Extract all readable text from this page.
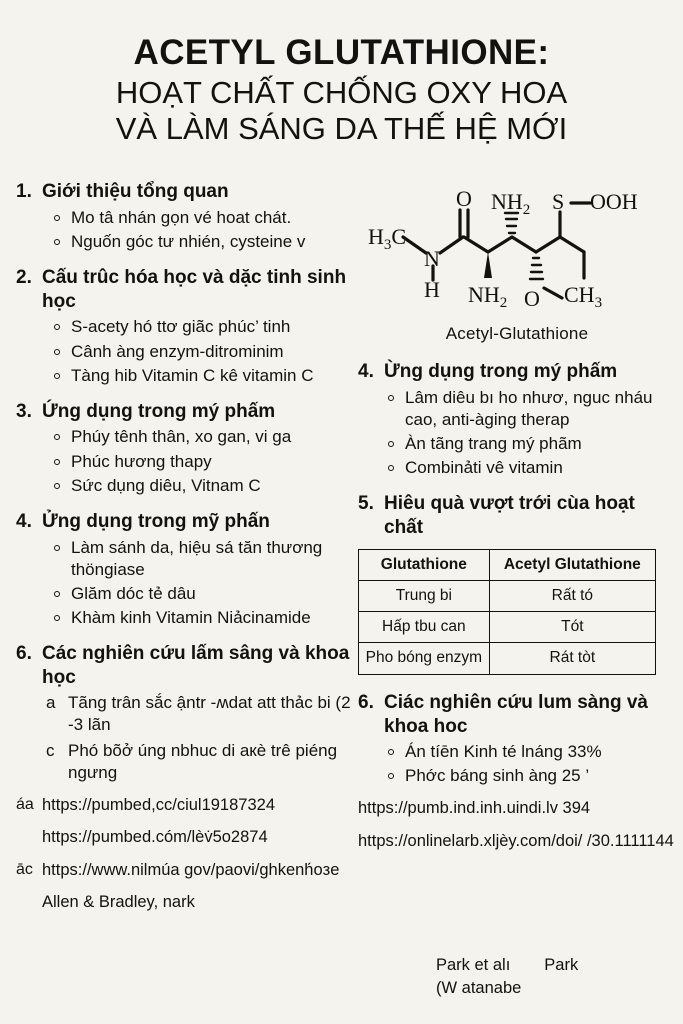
ACETYL GLUTATHIONE:
HOẠT CHẤT CHỐNG OXY HOA
VÀ LÀM SÁNG DA THẾ HỆ MỚI
1. Giới thiệu tổng quan
Mo tâ nhán gọn vé hoat chát.
Nguốn góc tư nhién, cysteine v
2. Cấu trûc hóa học và dặc tinh sinh học
S-acety hó ttơ giãc phúc’ tinh
Cânh àng enzym-ditrominim
Tàng hib Vitamin C kê vitamin C
3. Ứng dụng trong mý phấm
Phúy tênh thân, xo gan, vi ga
Phúc hương thapy
Sức dụng diêu, Vitnam C
4. Ửng dụng trong mỹ phấn
Làm sánh da, hiệu sá tăn thương thöngiase
Glăm dóc tẻ dâu
Khàm kinh Vitamin Niảcinamide
6. Các nghiên cứu lấm sâng và khoa học
a Tãng trân sắc ậntr -ʍdat att thảc bi (2 -3 lãn
c Phó bõở úng nbhuc di aкè trê piéng ngưng
áa https://pumbed,cc/ciul19187324
https://pumbed.cóm/lèv̇5o2874
āc https://www.nilmúa gov/paovi/ghkenh́oзe
Allen & Bradley, nark
$H_3C$
N
H
O $NH_2$
$NH_2$
S OOH
O $CH_3$
Acetyl-Glutathione
4. Ừng dụng trong mý phấm
Lâm diêu bı ho nhươ, nguc nháu cao, anti-àging therap
Àn tãng trang mý phãm
Combinảti vê vitamin
5. Hiêu quà vượt trới cùa hoạt chất
Glutathione	Acetyl Glutathione
Trung bi	Rất tó
Hấp tbu can	Tót
Pho bóng enzym	Rát tòt
6. Ciác nghiên cứu lum sàng và khoa hoc
Án tíēn Kinh té lnáng 33%
Phớc báng sinh àng 25 ’
https://pumb.ind.inh.uindi.lv 394
https://onlinelarb.xljèy.com/doi/ /30.1111144
Park et alı Park
(W atanabe
